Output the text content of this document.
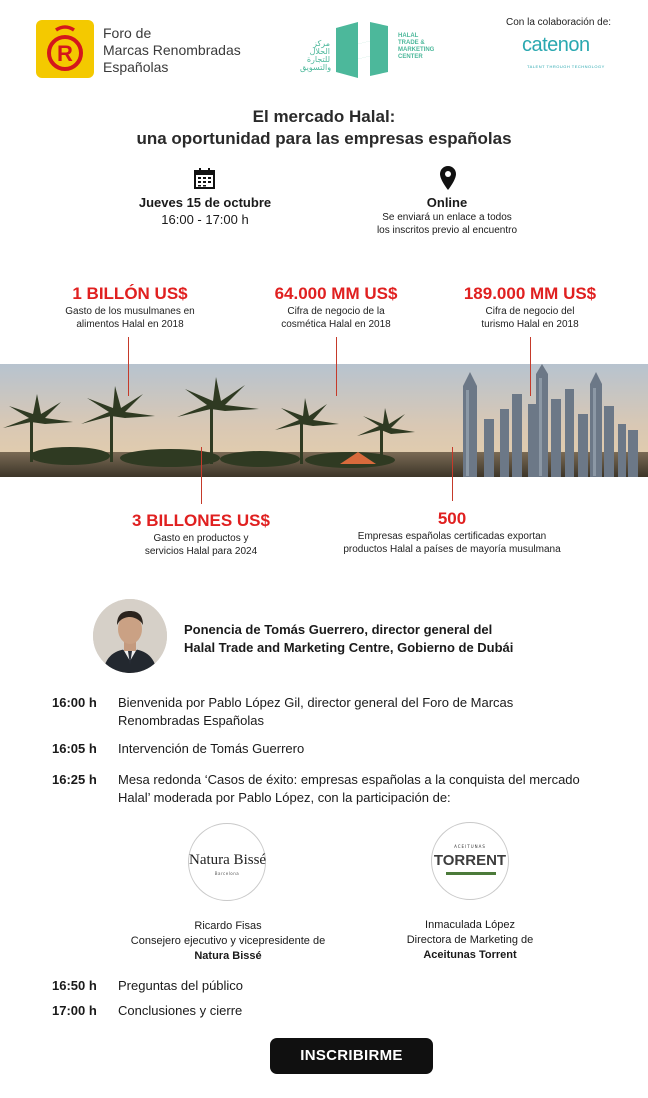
R
Foro de
Marcas Renombradas
Españolas
مركز الحلال للتجارة والتسويق
HALAL
TRADE &
MARKETING
CENTER
Con la colaboración de:
catenon
TALENT THROUGH TECHNOLOGY
El mercado Halal:
una oportunidad para las empresas españolas
Jueves 15 de octubre
16:00 - 17:00 h
Online
Se enviará un enlace a todos
los inscritos previo al encuentro
1 BILLÓN US$
Gasto de los musulmanes en
alimentos Halal en 2018
64.000 MM US$
Cifra de negocio de la
cosmética Halal en 2018
189.000 MM US$
Cifra de negocio del
turismo Halal en 2018
3 BILLONES US$
Gasto en productos y
servicios Halal para 2024
500
Empresas españolas certificadas exportan
productos Halal a países de mayoría musulmana
Ponencia de Tomás Guerrero, director general del
Halal Trade and Marketing Centre, Gobierno de Dubái
16:00 h	Bienvenida por Pablo López Gil, director general del Foro de Marcas Renombradas Españolas
16:05 h	Intervención de Tomás Guerrero
16:25 h	Mesa redonda ‘Casos de éxito: empresas españolas a la conquista del mercado Halal’ moderada por Pablo López, con la participación de:
Natura Bissé
Barcelona
Ricardo Fisas
Consejero ejecutivo y vicepresidente de
Natura Bissé
ACEITUNAS
TORRENT
Inmaculada López
Directora de Marketing de
Aceitunas Torrent
16:50 h	Preguntas del público
17:00 h	Conclusiones y cierre
INSCRIBIRME
